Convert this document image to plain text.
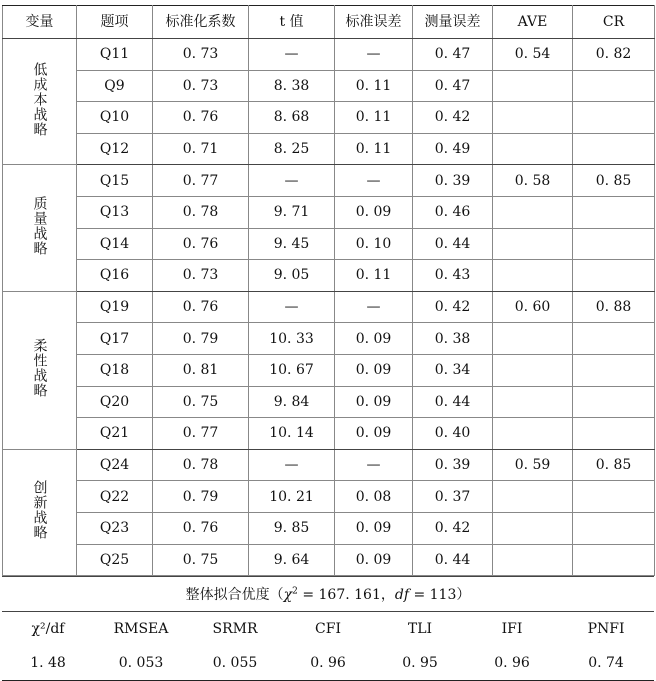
变量	题项	标准化系数	t 值	标准误差	测量误差	AVE	CR
低成本战略	Q11	0. 73	—	—	0. 47	0. 54	0. 82
	Q9	0. 73	8. 38	0. 11	0. 47		
	Q10	0. 76	8. 68	0. 11	0. 42		
	Q12	0. 71	8. 25	0. 11	0. 49		
质量战略	Q15	0. 77	—	—	0. 39	0. 58	0. 85
	Q13	0. 78	9. 71	0. 09	0. 46		
	Q14	0. 76	9. 45	0. 10	0. 44		
	Q16	0. 73	9. 05	0. 11	0. 43		
柔性战略	Q19	0. 76	—	—	0. 42	0. 60	0. 88
	Q17	0. 79	10. 33	0. 09	0. 38		
	Q18	0. 81	10. 67	0. 09	0. 34		
	Q20	0. 75	9. 84	0. 09	0. 44		
	Q21	0. 77	10. 14	0. 09	0. 40		
创新战略	Q24	0. 78	—	—	0. 39	0. 59	0. 85
	Q22	0. 79	10. 21	0. 08	0. 37		
	Q23	0. 76	9. 85	0. 09	0. 42		
	Q25	0. 75	9. 64	0. 09	0. 44		
整体拟合优度（$\chi^2 = 167$. 161，df = 113）						
χ²/df	RMSEA	SRMR	CFI	TLI	IFI	PNFI
1. 48	0. 053	0. 055	0. 96	0. 95	0. 96	0. 74
